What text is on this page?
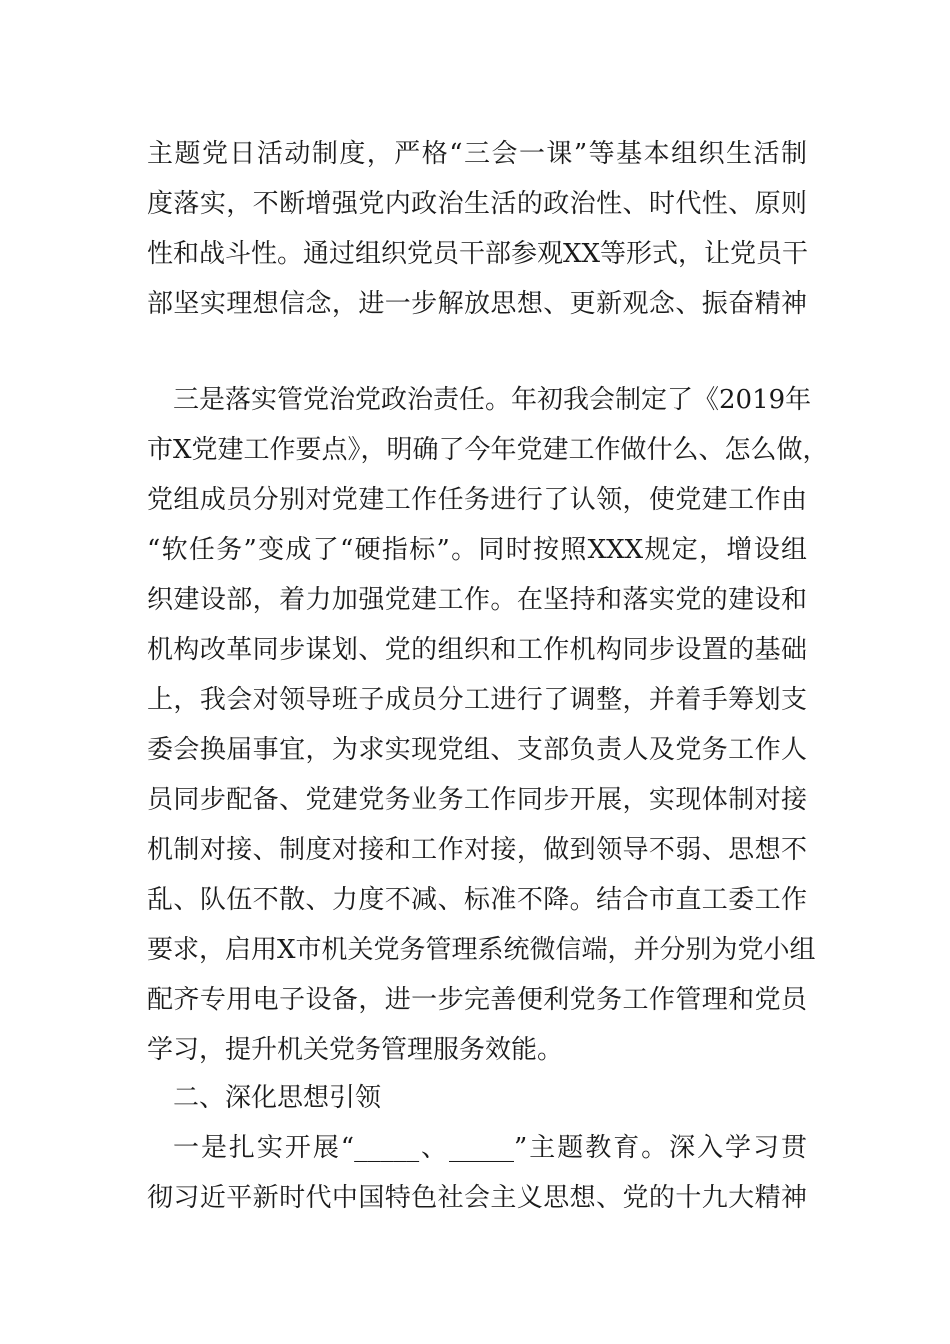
主题党日活动制度，严格“三会一课”等基本组织生活制
度落实，不断增强党内政治生活的政治性、时代性、原则
性和战斗性。通过组织党员干部参观XX等形式，让党员干
部坚实理想信念，进一步解放思想、更新观念、振奋精神
三是落实管党治党政治责任。年初我会制定了《2019年
市X党建工作要点》，明确了今年党建工作做什么、怎么做，
党组成员分别对党建工作任务进行了认领，使党建工作由
“软任务”变成了“硬指标”。同时按照XXX规定，增设组
织建设部，着力加强党建工作。在坚持和落实党的建设和
机构改革同步谋划、党的组织和工作机构同步设置的基础
上，我会对领导班子成员分工进行了调整，并着手筹划支
委会换届事宜，为求实现党组、支部负责人及党务工作人
员同步配备、党建党务业务工作同步开展，实现体制对接
机制对接、制度对接和工作对接，做到领导不弱、思想不
乱、队伍不散、力度不减、标准不降。结合市直工委工作
要求，启用X市机关党务管理系统微信端，并分别为党小组
配齐专用电子设备，进一步完善便利党务工作管理和党员
学习，提升机关党务管理服务效能。
二、深化思想引领
一是扎实开展“_____、_____”主题教育。深入学习贯
彻习近平新时代中国特色社会主义思想、党的十九大精神
